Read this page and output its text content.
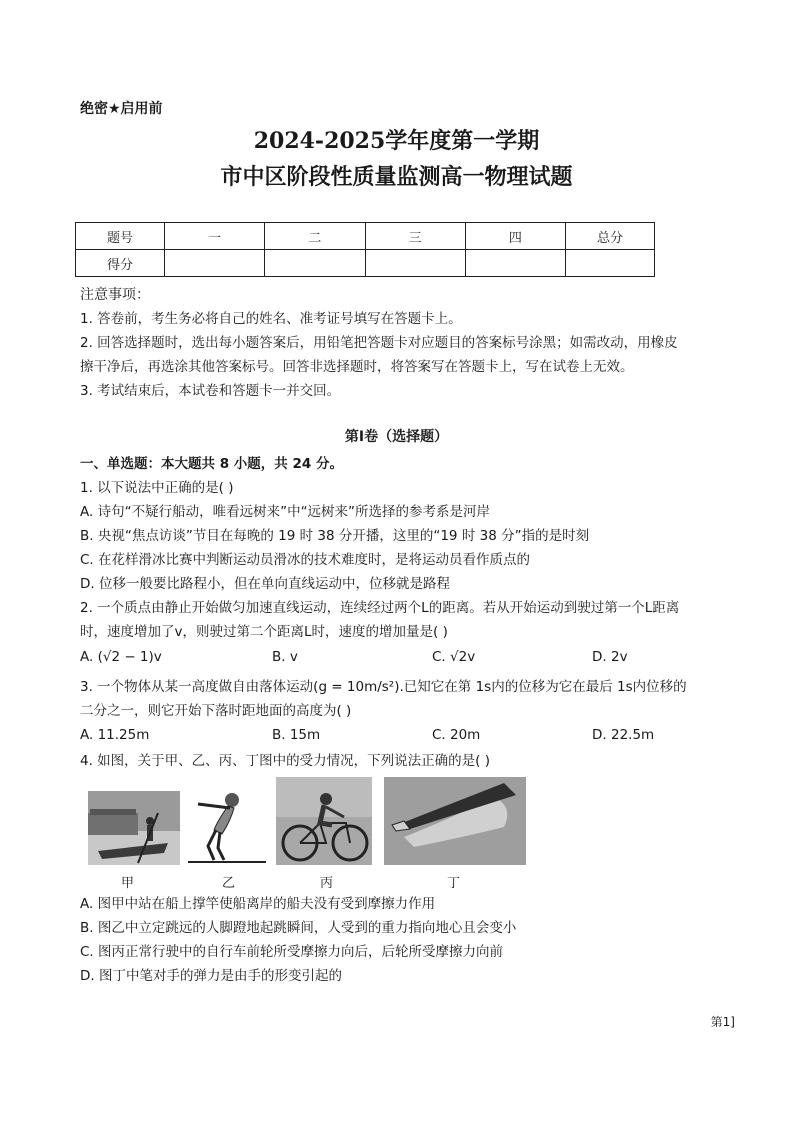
绝密★启用前
2024-2025学年度第一学期
市中区阶段性质量监测高一物理试题
题号	一	二	三	四	总分
得分					
注意事项：
1. 答卷前，考生务必将自己的姓名、准考证号填写在答题卡上。
2. 回答选择题时，选出每小题答案后，用铅笔把答题卡对应题目的答案标号涂黑；如需改动，用橡皮
擦干净后，再选涂其他答案标号。回答非选择题时，将答案写在答题卡上，写在试卷上无效。
3. 考试结束后，本试卷和答题卡一并交回。
第Ⅰ卷（选择题）
一、单选题：本大题共 8 小题，共 24 分。
1. 以下说法中正确的是( )
A. 诗句“不疑行船动，唯看远树来”中“远树来”所选择的参考系是河岸
B. 央视“焦点访谈”节目在每晚的 19 时 38 分开播，这里的“19 时 38 分”指的是时刻
C. 在花样滑冰比赛中判断运动员滑冰的技术难度时，是将运动员看作质点的
D. 位移一般要比路程小，但在单向直线运动中，位移就是路程
2. 一个质点由静止开始做匀加速直线运动，连续经过两个L的距离。若从开始运动到驶过第一个L距离
时，速度增加了v，则驶过第二个距离L时，速度的增加量是( )
A. (√2 − 1)v	B. v	C. √2v	D. 2v
3. 一个物体从某一高度做自由落体运动(g = 10m/s²).已知它在第 1s内的位移为它在最后 1s内位移的
二分之一，则它开始下落时距地面的高度为( )
A. 11.25m	B. 15m	C. 20m	D. 22.5m
4. 如图，关于甲、乙、丙、丁图中的受力情况，下列说法正确的是( )
甲	乙	丙	丁
A. 图甲中站在船上撑竿使船离岸的船夫没有受到摩擦力作用
B. 图乙中立定跳远的人脚蹬地起跳瞬间，人受到的重力指向地心且会变小
C. 图丙正常行驶中的自行车前轮所受摩擦力向后，后轮所受摩擦力向前
D. 图丁中笔对手的弹力是由手的形变引起的
第1]
